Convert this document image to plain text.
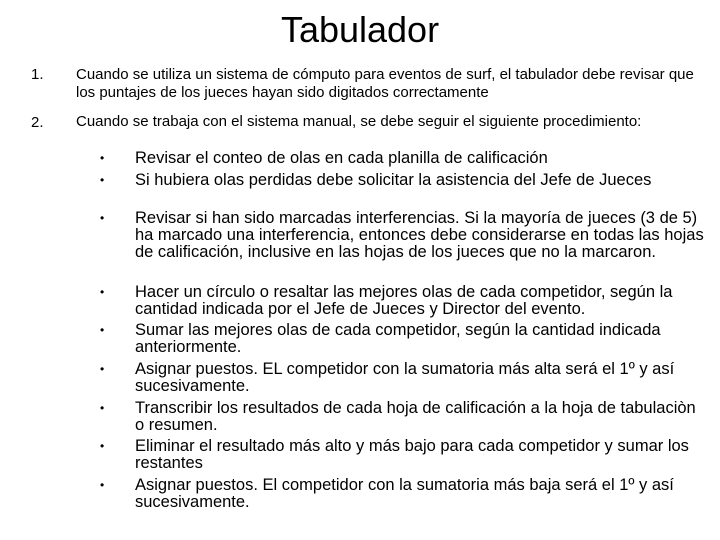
Tabulador
1. Cuando se utiliza un sistema de cómputo para eventos de surf, el tabulador debe revisar que los puntajes de los jueces hayan sido digitados correctamente
2. Cuando se trabaja con el sistema manual, se debe seguir el siguiente procedimiento:
•	Revisar el conteo de olas en cada planilla de calificación
•	Si hubiera olas perdidas debe solicitar la asistencia del Jefe de Jueces
•	Revisar si han sido marcadas interferencias. Si la mayoría de jueces (3 de 5) ha marcado una interferencia, entonces debe considerarse en todas las hojas de calificación, inclusive en las hojas de los jueces que no la marcaron.
•	Hacer un círculo o resaltar las mejores olas de cada competidor, según la cantidad indicada por el Jefe de Jueces y Director del evento.
•	Sumar las mejores olas de cada competidor, según la cantidad indicada anteriormente.
•	Asignar puestos. EL competidor con la sumatoria más alta será el 1º y así sucesivamente.
•	Transcribir los resultados de cada hoja de calificación a la hoja de tabulaciòn o resumen.
•	Eliminar el resultado más alto y más bajo para cada competidor y sumar los restantes
•	Asignar puestos. El competidor con la sumatoria más baja será el 1º y así sucesivamente.
